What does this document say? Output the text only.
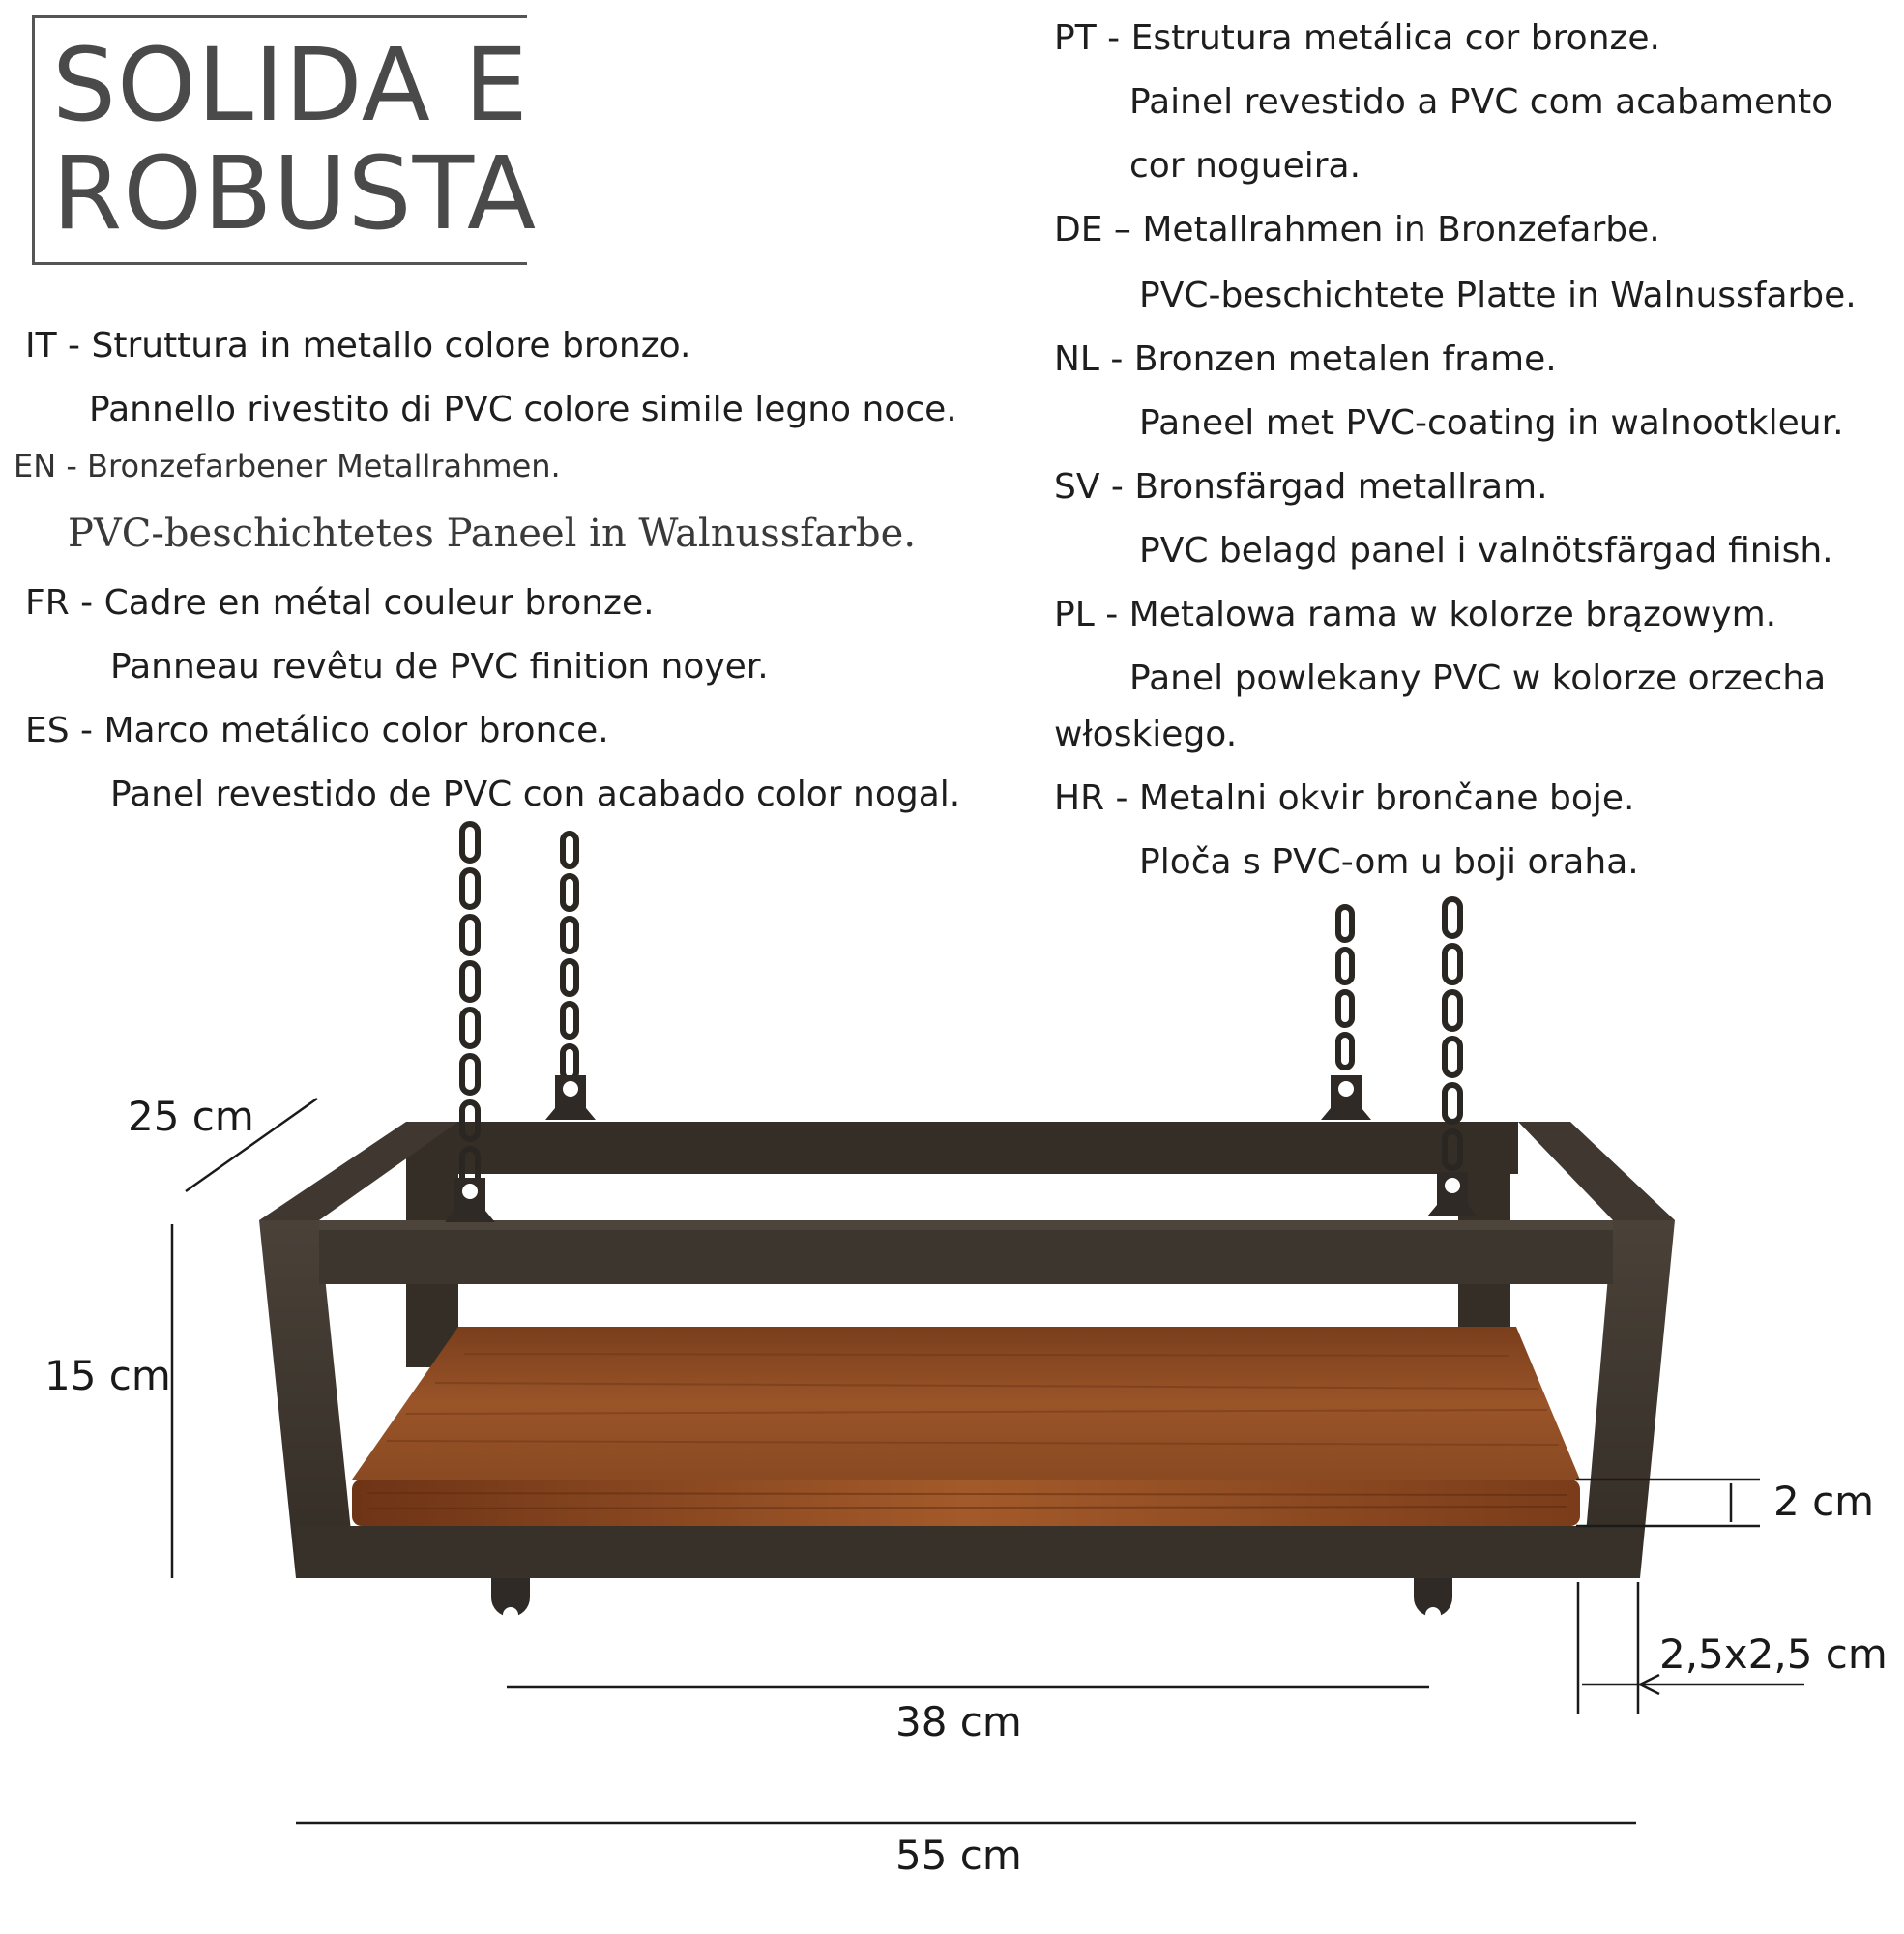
SOLIDA E
ROBUSTA
IT - Struttura in metallo colore bronzo.
Pannello rivestito di PVC colore simile legno noce.
EN - Bronzefarbener Metallrahmen.
PVC-beschichtetes Paneel in Walnussfarbe.
FR - Cadre en métal couleur bronze.
Panneau revêtu de PVC finition noyer.
ES - Marco metálico color bronce.
Panel revestido de PVC con acabado color nogal.
PT - Estrutura metálica cor bronze.
Painel revestido a PVC com acabamento
cor nogueira.
DE – Metallrahmen in Bronzefarbe.
PVC-beschichtete Platte in Walnussfarbe.
NL - Bronzen metalen frame.
Paneel met PVC-coating in walnootkleur.
SV - Bronsfärgad metallram.
PVC belagd panel i valnötsfärgad finish.
PL - Metalowa rama w kolorze brązowym.
Panel powlekany PVC w kolorze orzecha
włoskiego.
HR - Metalni okvir brončane boje.
Ploča s PVC-om u boji oraha.
25 cm
15 cm
2 cm
2,5x2,5 cm
38 cm
55 cm
